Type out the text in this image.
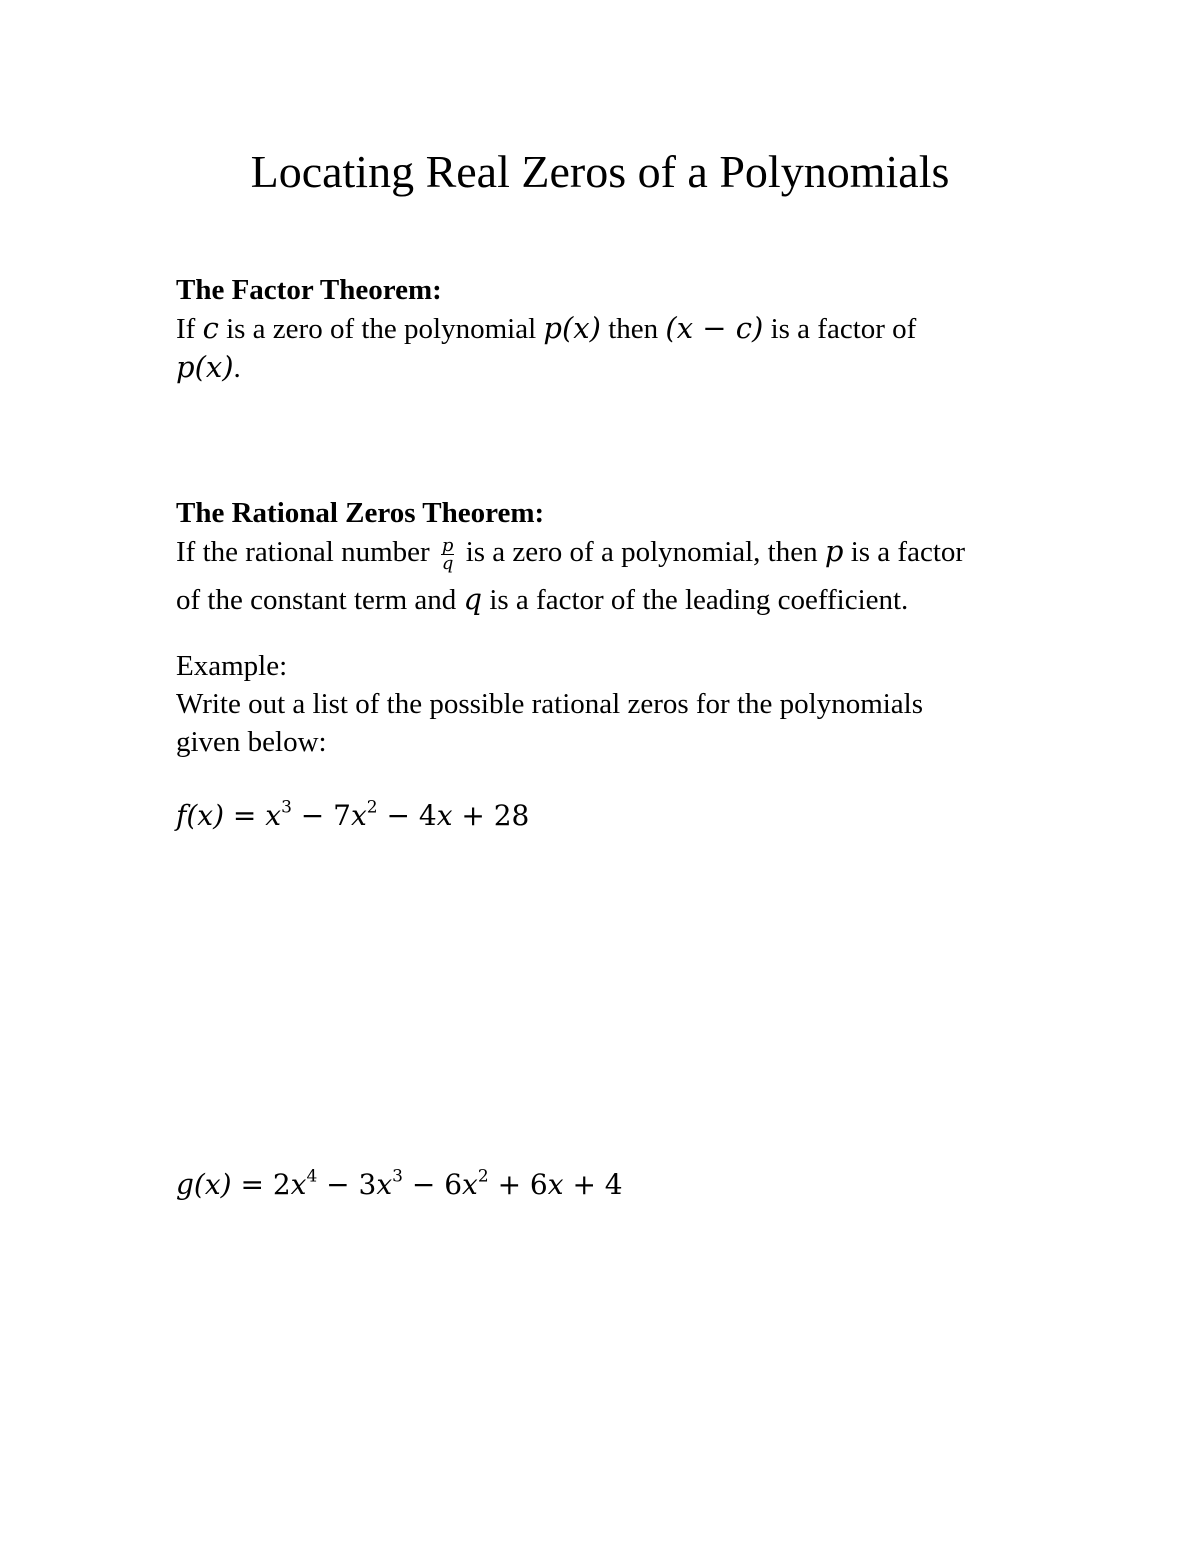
Locating Real Zeros of a Polynomials
The Factor Theorem:
If c is a zero of the polynomial p(x) then (x − c) is a factor of
p(x).
The Rational Zeros Theorem:
If the rational number $\frac{p}{q}$ is a zero of a polynomial, then p is a factor
of the constant term and q is a factor of the leading coefficient.
Example:
Write out a list of the possible rational zeros for the polynomials
given below:
$f(x) = x^3 - 7x^2 - 4x + 28$
$g(x) = 2x^4 - 3x^3 - 6x^2 + 6x + 4$
